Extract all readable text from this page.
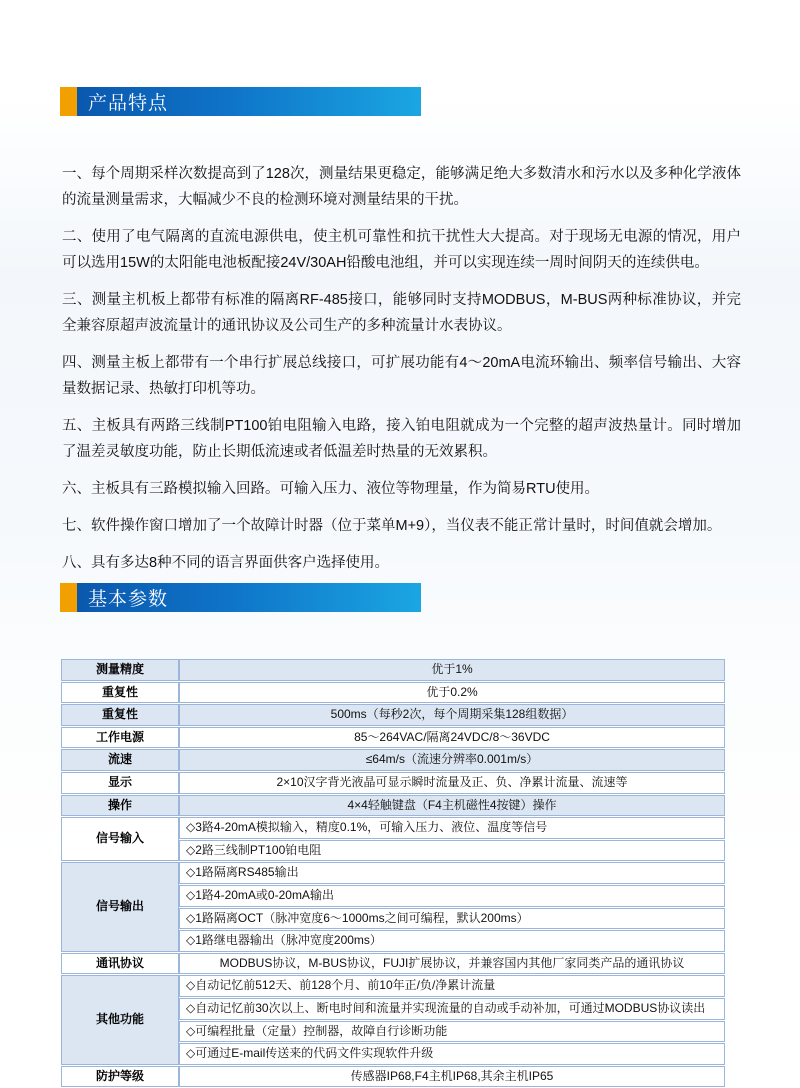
产品特点

一、每个周期采样次数提高到了128次，测量结果更稳定，能够满足绝大多数清水和污水以及多种化学液体的流量测量需求，大幅减少不良的检测环境对测量结果的干扰。

二、使用了电气隔离的直流电源供电，使主机可靠性和抗干扰性大大提高。对于现场无电源的情况，用户可以选用15W的太阳能电池板配接24V/30AH铅酸电池组，并可以实现连续一周时间阴天的连续供电。

三、测量主机板上都带有标准的隔离RF-485接口，能够同时支持MODBUS，M-BUS两种标准协议，并完全兼容原超声波流量计的通讯协议及公司生产的多种流量计水表协议。

四、测量主板上都带有一个串行扩展总线接口，可扩展功能有4～20mA电流环输出、频率信号输出、大容量数据记录、热敏打印机等功。

五、主板具有两路三线制PT100铂电阻输入电路，接入铂电阻就成为一个完整的超声波热量计。同时增加了温差灵敏度功能，防止长期低流速或者低温差时热量的无效累积。

六、主板具有三路模拟输入回路。可输入压力、液位等物理量，作为简易RTU使用。

七、软件操作窗口增加了一个故障计时器（位于菜单M+9），当仪表不能正常计量时，时间值就会增加。

八、具有多达8种不同的语言界面供客户选择使用。

基本参数
测量精度	优于1%
重复性	优于0.2%
重复性	500ms（每秒2次，每个周期采集128组数据）
工作电源	85～264VAC/隔离24VDC/8～36VDC
流速	≤64m/s（流速分辨率0.001m/s）
显示	2×10汉字背光液晶可显示瞬时流量及正、负、净累计流量、流速等
操作	4×4轻触键盘（F4主机磁性4按键）操作
信号输入	◇3路4-20mA模拟输入，精度0.1%，可输入压力、液位、温度等信号
	◇2路三线制PT100铂电阻
信号输出	◇1路隔离RS485输出
	◇1路4-20mA或0-20mA输出
	◇1路隔离OCT（脉冲宽度6～1000ms之间可编程，默认200ms）
	◇1路继电器输出（脉冲宽度200ms）
通讯协议	MODBUS协议，M-BUS协议，FUJI扩展协议，并兼容国内其他厂家同类产品的通讯协议
其他功能	◇自动记忆前512天、前128个月、前10年正/负/净累计流量
	◇自动记忆前30次以上、断电时间和流量并实现流量的自动或手动补加，可通过MODBUS协议读出
	◇可编程批量（定量）控制器，故障自行诊断功能
	◇可通过E-mail传送来的代码文件实现软件升级
防护等级	传感器IP68,F4主机IP68,其余主机IP65
